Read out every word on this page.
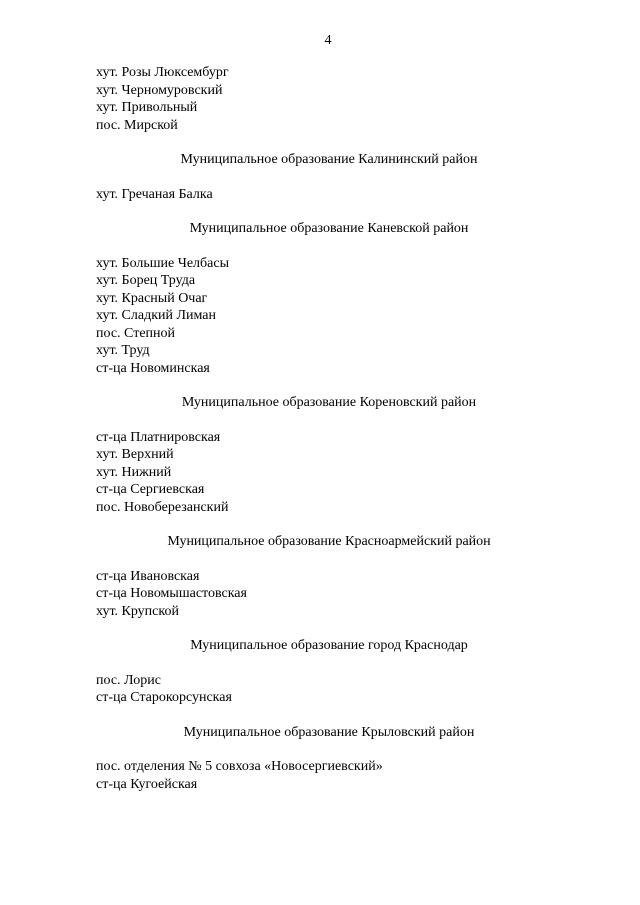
4
хут. Розы Люксембург
хут. Черномуровский
хут. Привольный
пос. Мирской
Муниципальное образование Калининский район
хут. Гречаная Балка
Муниципальное образование Каневской район
хут. Большие Челбасы
хут. Борец Труда
хут. Красный Очаг
хут. Сладкий Лиман
пос. Степной
хут. Труд
ст-ца Новоминская
Муниципальное образование Кореновский район
ст-ца Платнировская
хут. Верхний
хут. Нижний
ст-ца Сергиевская
пос. Новоберезанский
Муниципальное образование Красноармейский район
ст-ца Ивановская
ст-ца Новомышастовская
хут. Крупской
Муниципальное образование город Краснодар
пос. Лорис
ст-ца Старокорсунская
Муниципальное образование Крыловский район
пос. отделения № 5 совхоза «Новосергиевский»
ст-ца Кугоейская
